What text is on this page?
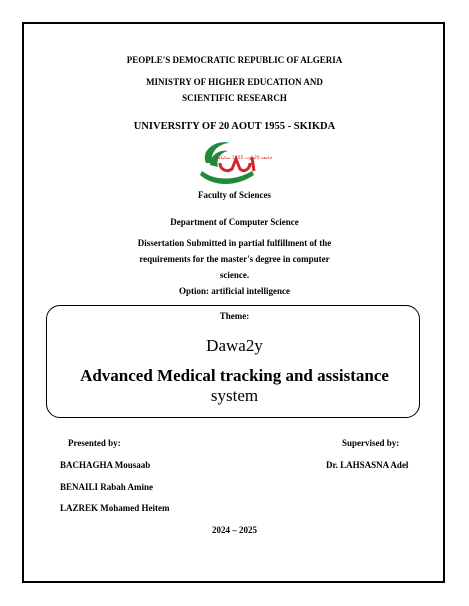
PEOPLE'S DEMOCRATIC REPUBLIC OF ALGERIA
MINISTRY OF HIGHER EDUCATION AND
SCIENTIFIC RESEARCH
UNIVERSITY OF 20 AOUT 1955 - SKIKDA
جامعة 20 أوت 1955 سكيكدة
Faculty of Sciences
Department of Computer Science
Dissertation Submitted in partial fulfillment of the
requirements for the master's degree in computer
science.
Option: artificial intelligence
Theme:
Dawa2y
Advanced Medical tracking and assistance
system
Presented by:	Supervised by:
BACHAGHA Mousaab	Dr. LAHSASNA Adel
BENAILI Rabah Amine
LAZREK Mohamed Heitem
2024 – 2025
